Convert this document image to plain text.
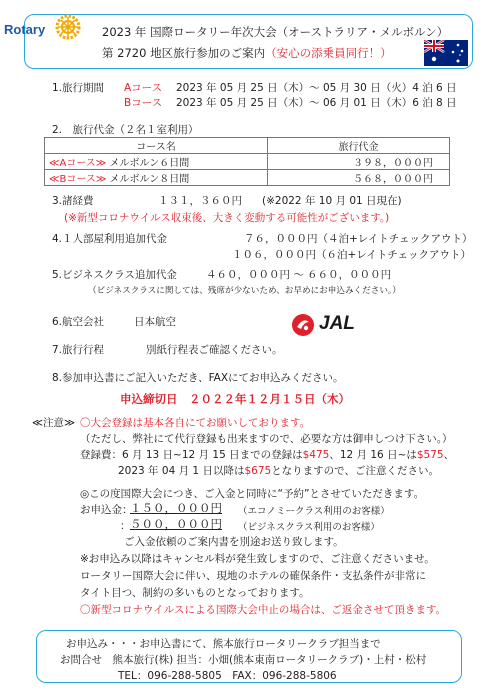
Rotary	2023 年 国際ロータリー年次大会（オーストラリア・メルボルン）
第 2720 地区旅行参加のご案内（安心の添乗員同行！）
1.旅行期間 Aコース 2023 年 05 月 25 日（木）～ 05 月 30 日（火）4 泊 6 日
Bコース 2023 年 05 月 25 日（木）～ 06 月 01 日（木）6 泊 8 日
2.　旅行代金（２名１室利用）
コース名	旅行代金
≪Aコース≫ メルボルン６日間	３９８，０００円
≪Bコース≫ メルボルン８日間	５６８，０００円
3.諸経費	１３１，３６０円 (※2022 年 10 月 01 日現在)
(※新型コロナウイルス収束後、大きく変動する可能性がございます。)
4.１人部屋利用追加代金	７６，０００円（４泊+レイトチェックアウト）
１０６，０００円（６泊+レイトチェックアウト）
5.ビジネスクラス追加代金	４６０，０００円 ～ ６６０，０００円
（ビジネスクラスに関しては、残席が少ないため、お早めにお申込みください。）
6.航空会社	日本航空	JAL
7.旅行行程	別紙行程表ご確認ください。
8.参加申込書にご記入いただき、FAXにてお申込みください。
申込締切日　２０２２年１２月１５日（木）
≪注意≫ 〇大会登録は基本各自にてお願いしております。
（ただし、弊社にて代行登録も出来ますので、必要な方は御申しつけ下さい。）
登録費：6 月 13 日~12 月 15 日までの登録は$475、12 月 16 日~は$575、
2023 年 04 月 1 日以降は$675となりますので、ご注意ください。
◎この度国際大会につき、ご入金と同時に“予約”とさせていただきます。
お申込金：
１５０，０００円 （エコノミークラス利用のお客様）
： ５００，０００円 （ビジネスクラス利用のお客様）
ご入金依頼のご案内書を別途お送り致します。
※お申込み以降はキャンセル料が発生致しますので、ご注意くださいませ。
ロータリー国際大会に伴い、現地のホテルの確保条件・支払条件が非常に
タイト目つ、制約の多いものとなっております。
〇新型コロナウイルスによる国際大会中止の場合は、ご返金させて頂きます。
お申込み・・・お申込書にて、熊本旅行ロータリークラブ担当まで
お問合せ　熊本旅行(株) 担当：小畑(熊本東南ロータリークラブ)・上村・松村
TEL：096-288-5805　FAX：096-288-5806
